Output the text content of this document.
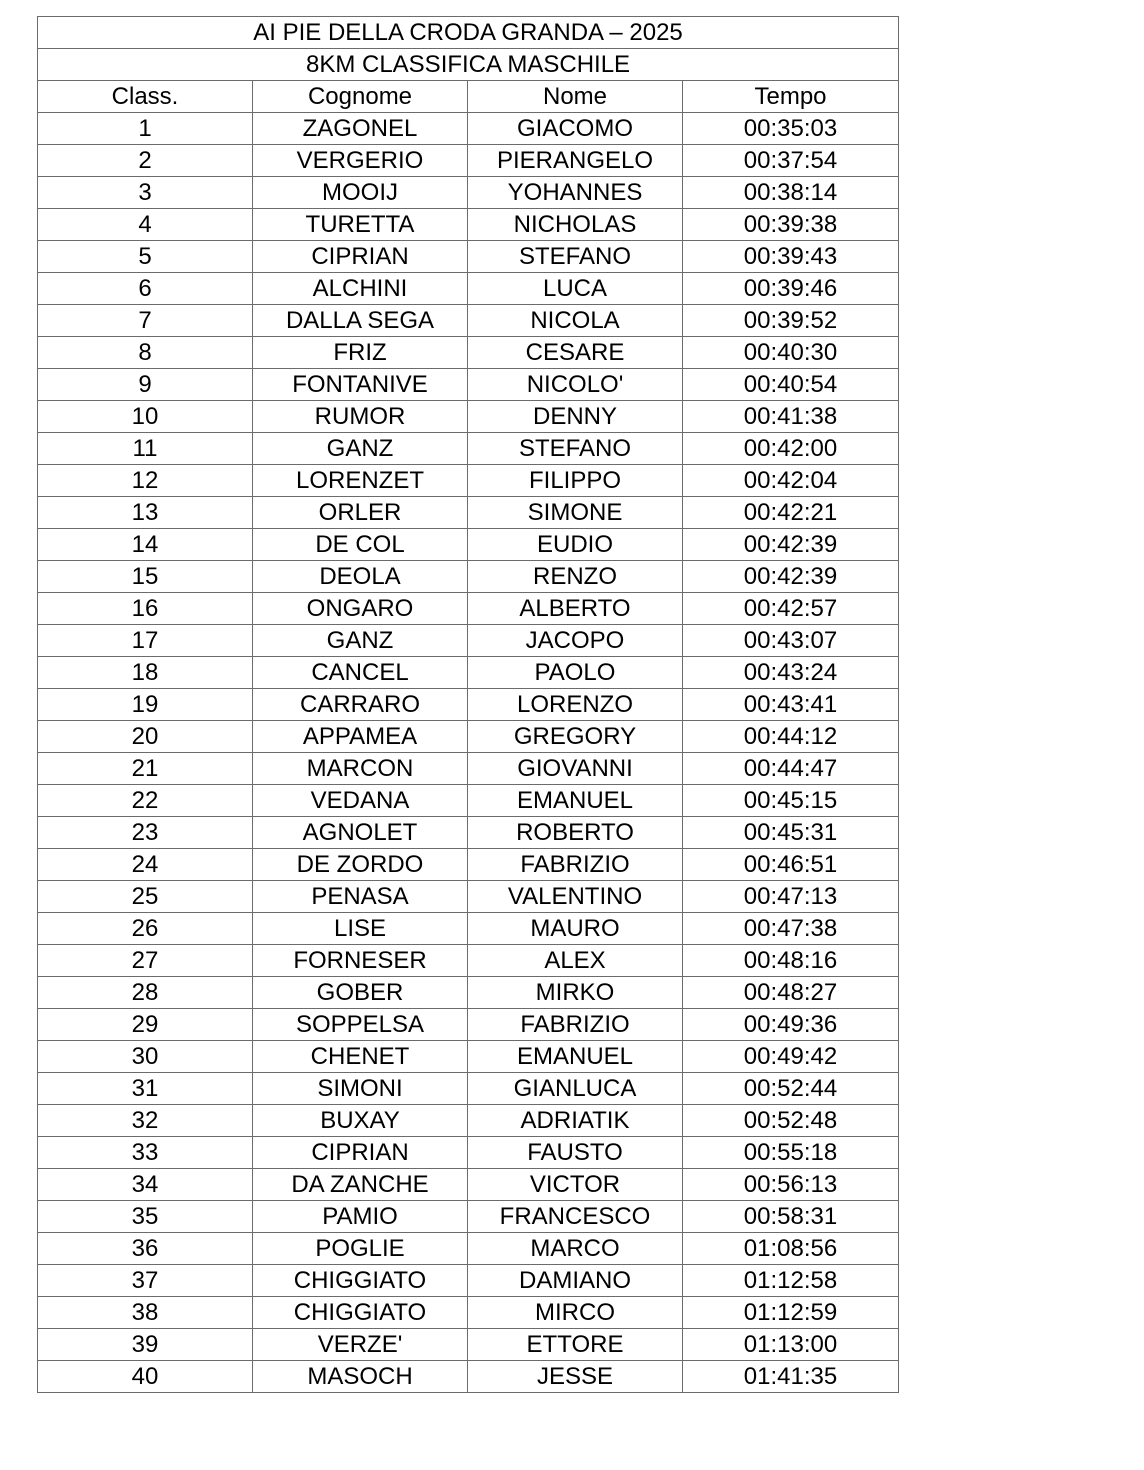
AI PIE DELLA CRODA GRANDA – 2025			
8KM CLASSIFICA MASCHILE			
Class.	Cognome	Nome	Tempo
1	ZAGONEL	GIACOMO	00:35:03
2	VERGERIO	PIERANGELO	00:37:54
3	MOOIJ	YOHANNES	00:38:14
4	TURETTA	NICHOLAS	00:39:38
5	CIPRIAN	STEFANO	00:39:43
6	ALCHINI	LUCA	00:39:46
7	DALLA SEGA	NICOLA	00:39:52
8	FRIZ	CESARE	00:40:30
9	FONTANIVE	NICOLO'	00:40:54
10	RUMOR	DENNY	00:41:38
11	GANZ	STEFANO	00:42:00
12	LORENZET	FILIPPO	00:42:04
13	ORLER	SIMONE	00:42:21
14	DE COL	EUDIO	00:42:39
15	DEOLA	RENZO	00:42:39
16	ONGARO	ALBERTO	00:42:57
17	GANZ	JACOPO	00:43:07
18	CANCEL	PAOLO	00:43:24
19	CARRARO	LORENZO	00:43:41
20	APPAMEA	GREGORY	00:44:12
21	MARCON	GIOVANNI	00:44:47
22	VEDANA	EMANUEL	00:45:15
23	AGNOLET	ROBERTO	00:45:31
24	DE ZORDO	FABRIZIO	00:46:51
25	PENASA	VALENTINO	00:47:13
26	LISE	MAURO	00:47:38
27	FORNESER	ALEX	00:48:16
28	GOBER	MIRKO	00:48:27
29	SOPPELSA	FABRIZIO	00:49:36
30	CHENET	EMANUEL	00:49:42
31	SIMONI	GIANLUCA	00:52:44
32	BUXAY	ADRIATIK	00:52:48
33	CIPRIAN	FAUSTO	00:55:18
34	DA ZANCHE	VICTOR	00:56:13
35	PAMIO	FRANCESCO	00:58:31
36	POGLIE	MARCO	01:08:56
37	CHIGGIATO	DAMIANO	01:12:58
38	CHIGGIATO	MIRCO	01:12:59
39	VERZE'	ETTORE	01:13:00
40	MASOCH	JESSE	01:41:35
